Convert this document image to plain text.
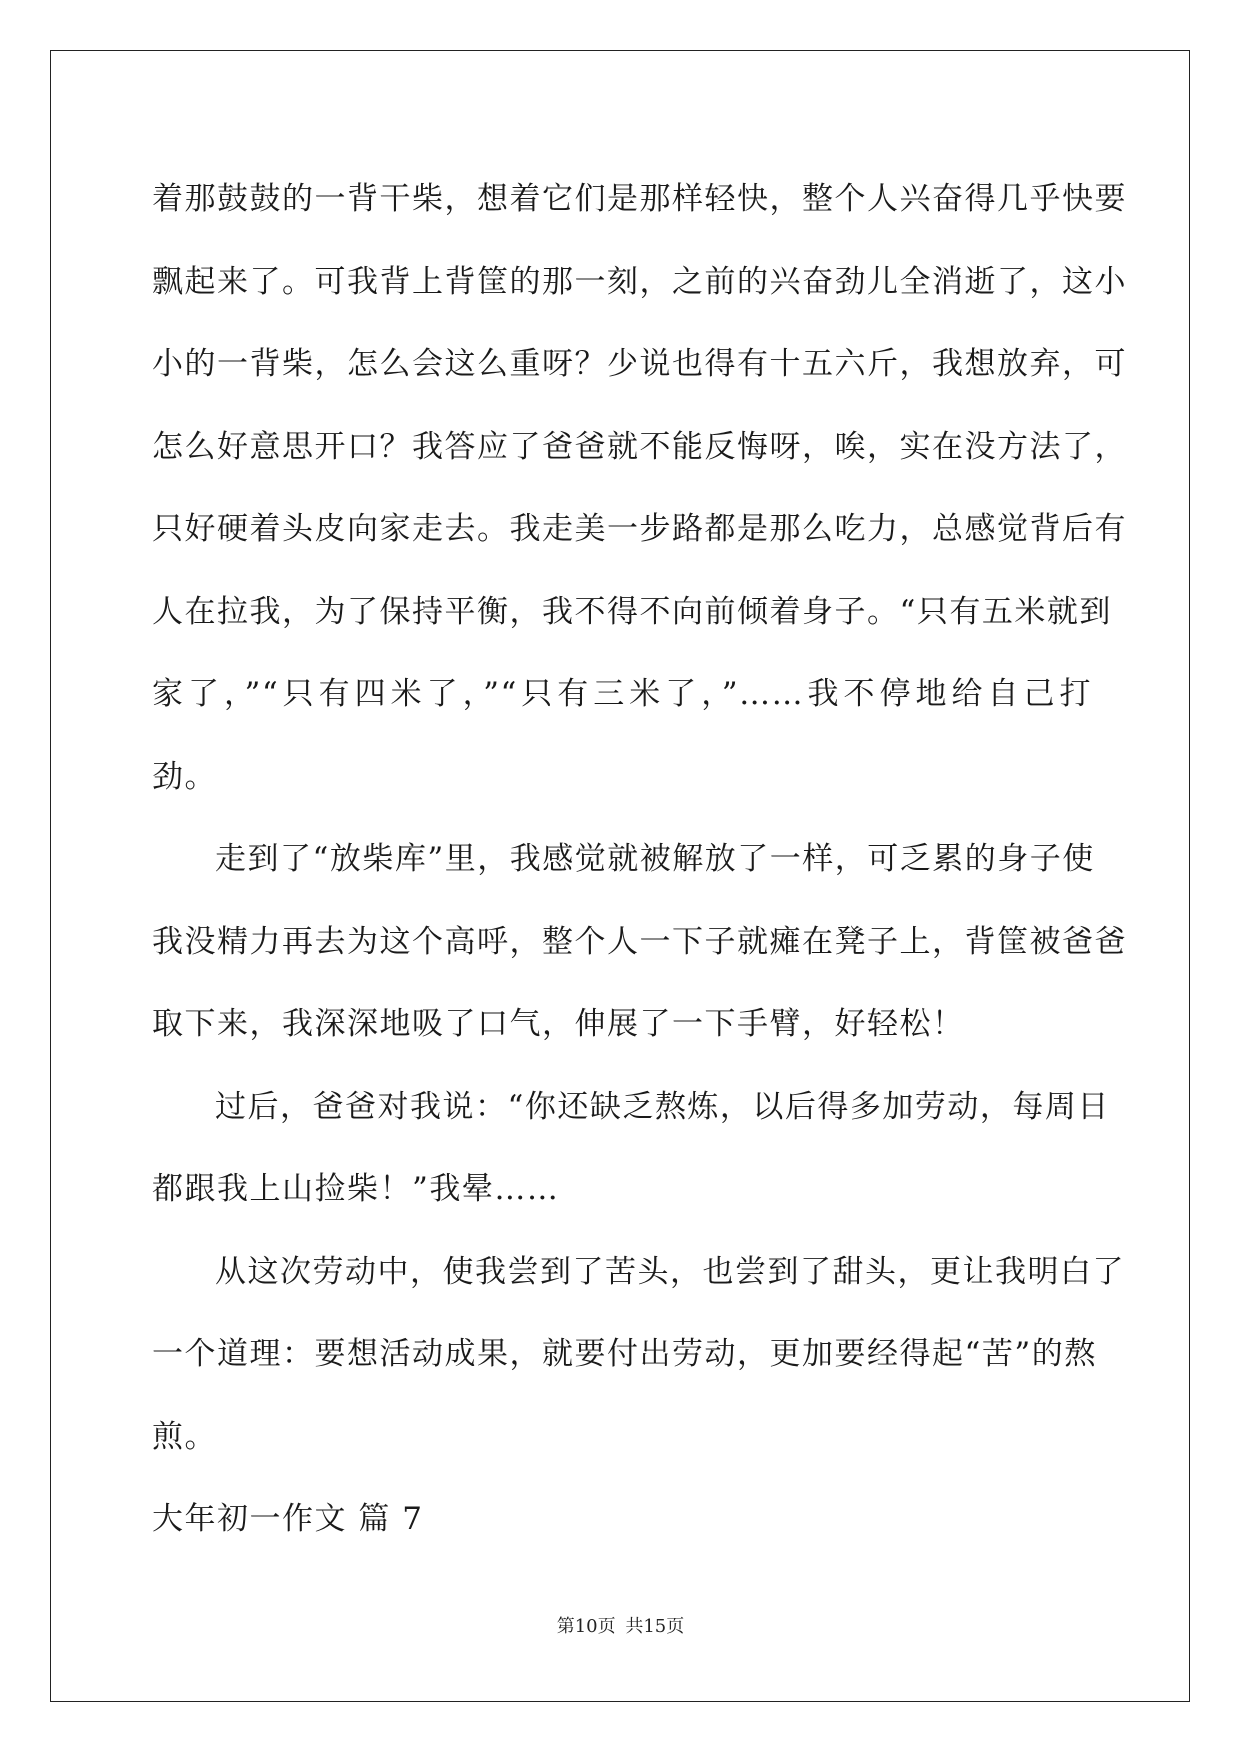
着那鼓鼓的一背干柴，想着它们是那样轻快，整个人兴奋得几乎快要
飘起来了。可我背上背筐的那一刻，之前的兴奋劲儿全消逝了，这小
小的一背柴，怎么会这么重呀？少说也得有十五六斤，我想放弃，可
怎么好意思开口？我答应了爸爸就不能反悔呀，唉，实在没方法了，
只好硬着头皮向家走去。我走美一步路都是那么吃力，总感觉背后有
人在拉我，为了保持平衡，我不得不向前倾着身子。“只有五米就到
家了，”“只有四米了，”“只有三米了，”……我不停地给自己打
劲。
走到了“放柴库”里，我感觉就被解放了一样，可乏累的身子使
我没精力再去为这个高呼，整个人一下子就瘫在凳子上，背筐被爸爸
取下来，我深深地吸了口气，伸展了一下手臂，好轻松！
过后，爸爸对我说：“你还缺乏熬炼，以后得多加劳动，每周日
都跟我上山捡柴！”我晕……
从这次劳动中，使我尝到了苦头，也尝到了甜头，更让我明白了
一个道理：要想活动成果，就要付出劳动，更加要经得起“苦”的熬
煎。
大年初一作文 篇 7
第10页 共15页
